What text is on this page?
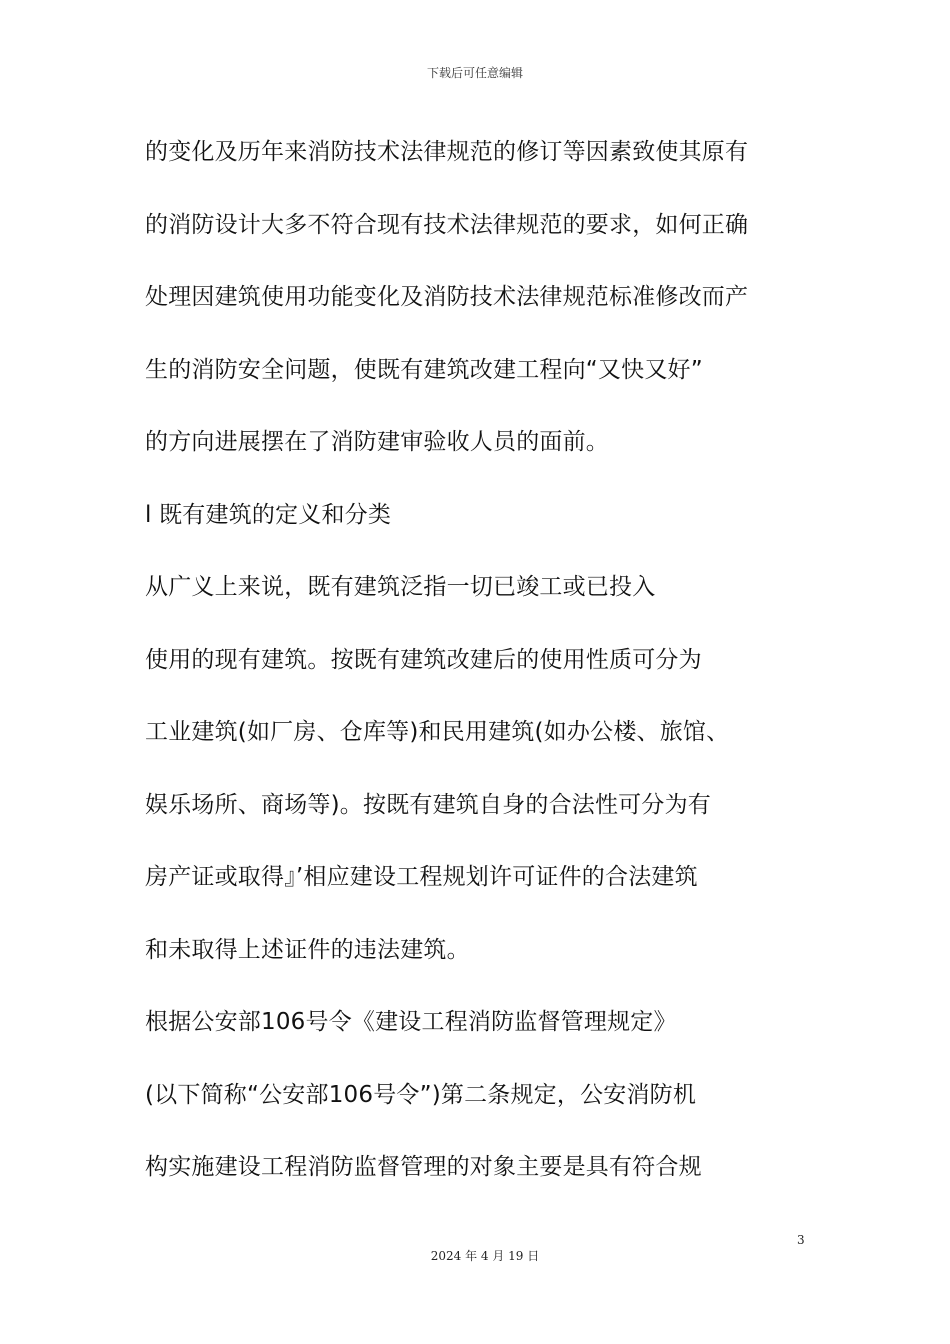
下载后可任意编辑
的变化及历年来消防技术法律规范的修订等因素致使其原有
的消防设计大多不符合现有技术法律规范的要求，如何正确
处理因建筑使用功能变化及消防技术法律规范标准修改而产
生的消防安全问题，使既有建筑改建工程向“又快又好”
的方向进展摆在了消防建审验收人员的面前。
l 既有建筑的定义和分类
从广义上来说，既有建筑泛指一切已竣工或已投入
使用的现有建筑。按既有建筑改建后的使用性质可分为
工业建筑(如厂房、仓库等)和民用建筑(如办公楼、旅馆、
娱乐场所、商场等)。按既有建筑自身的合法性可分为有
房产证或取得』’相应建设工程规划许可证件的合法建筑
和未取得上述证件的违法建筑。
根据公安部106号令《建设工程消防监督管理规定》
(以下简称“公安部106号令”)第二条规定，公安消防机
构实施建设工程消防监督管理的对象主要是具有符合规
3
2024 年 4 月 19 日
